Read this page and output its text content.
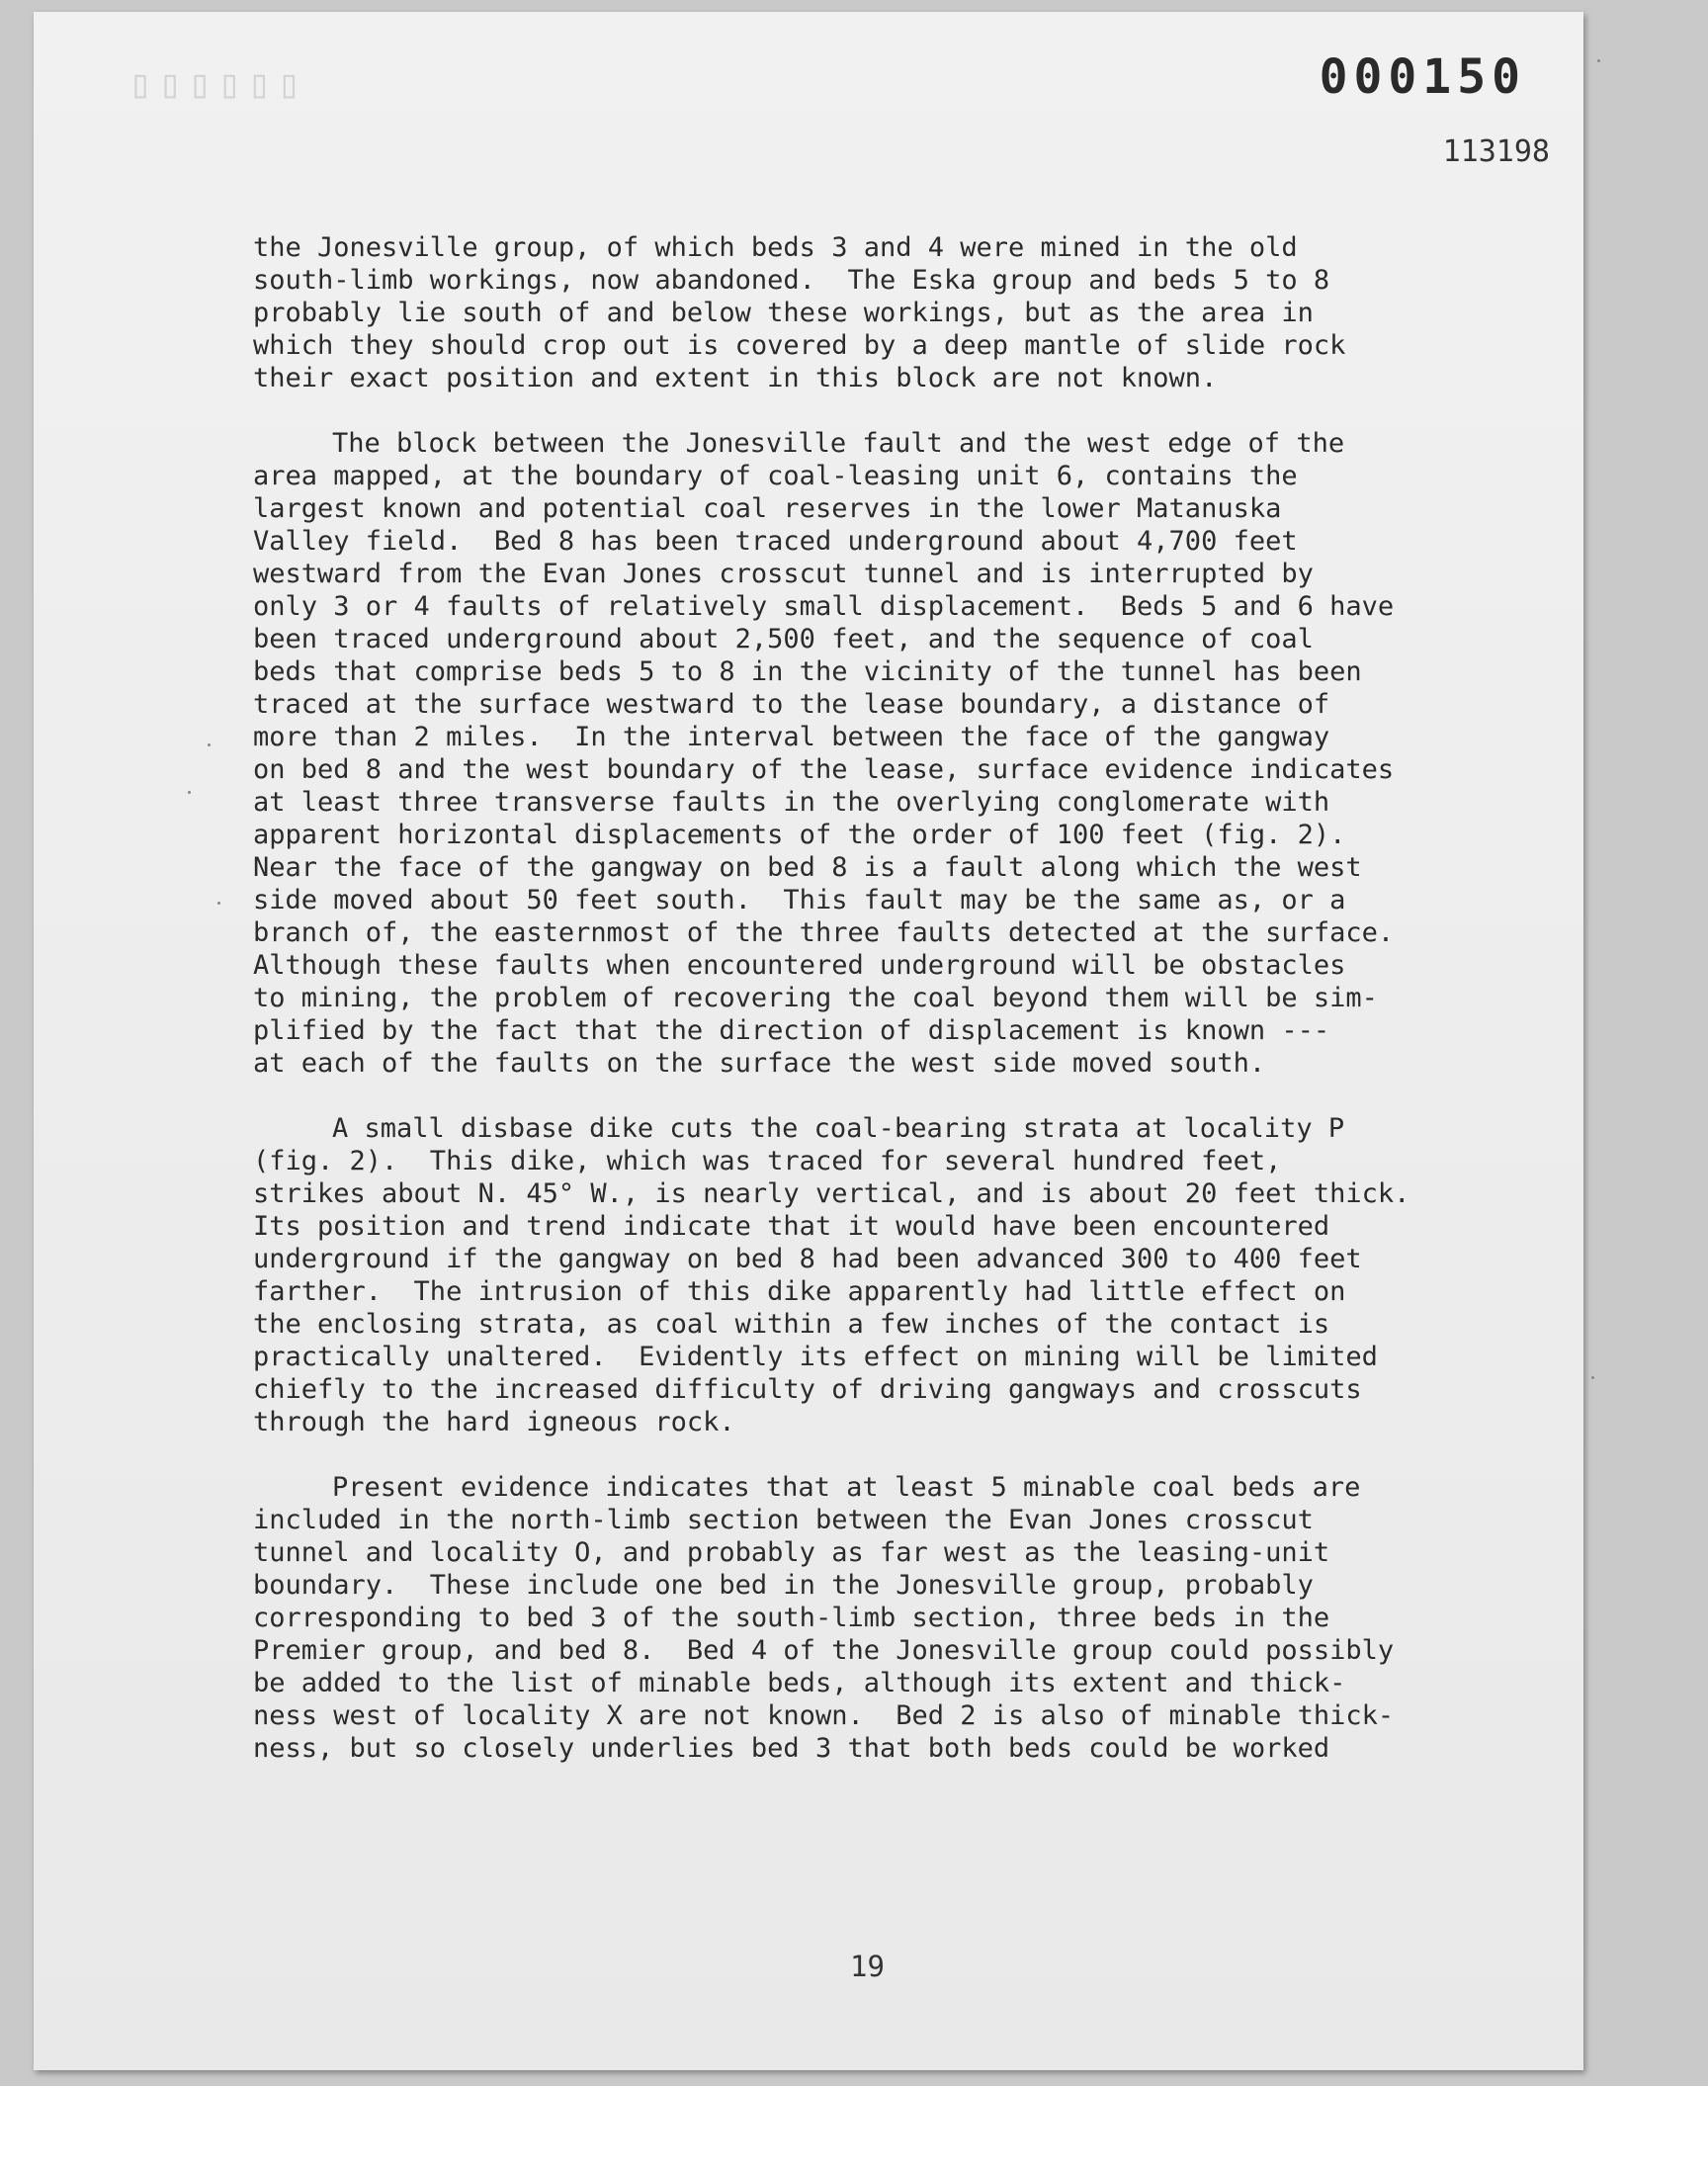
▯▯▯▯▯▯	000150
113198
the Jonesville group, of which beds 3 and 4 were mined in the old
south-limb workings, now abandoned.  The Eska group and beds 5 to 8
probably lie south of and below these workings, but as the area in
which they should crop out is covered by a deep mantle of slide rock
their exact position and extent in this block are not known.
The block between the Jonesville fault and the west edge of the
area mapped, at the boundary of coal-leasing unit 6, contains the
largest known and potential coal reserves in the lower Matanuska
Valley field.  Bed 8 has been traced underground about 4,700 feet
westward from the Evan Jones crosscut tunnel and is interrupted by
only 3 or 4 faults of relatively small displacement.  Beds 5 and 6 have
been traced underground about 2,500 feet, and the sequence of coal
beds that comprise beds 5 to 8 in the vicinity of the tunnel has been
traced at the surface westward to the lease boundary, a distance of
more than 2 miles.  In the interval between the face of the gangway
on bed 8 and the west boundary of the lease, surface evidence indicates
at least three transverse faults in the overlying conglomerate with
apparent horizontal displacements of the order of 100 feet (fig. 2).
Near the face of the gangway on bed 8 is a fault along which the west
side moved about 50 feet south.  This fault may be the same as, or a
branch of, the easternmost of the three faults detected at the surface.
Although these faults when encountered underground will be obstacles
to mining, the problem of recovering the coal beyond them will be sim-
plified by the fact that the direction of displacement is known ---
at each of the faults on the surface the west side moved south.
A small disbase dike cuts the coal-bearing strata at locality P
(fig. 2).  This dike, which was traced for several hundred feet,
strikes about N. 45° W., is nearly vertical, and is about 20 feet thick.
Its position and trend indicate that it would have been encountered
underground if the gangway on bed 8 had been advanced 300 to 400 feet
farther.  The intrusion of this dike apparently had little effect on
the enclosing strata, as coal within a few inches of the contact is
practically unaltered.  Evidently its effect on mining will be limited
chiefly to the increased difficulty of driving gangways and crosscuts
through the hard igneous rock.
Present evidence indicates that at least 5 minable coal beds are
included in the north-limb section between the Evan Jones crosscut
tunnel and locality O, and probably as far west as the leasing-unit
boundary.  These include one bed in the Jonesville group, probably
corresponding to bed 3 of the south-limb section, three beds in the
Premier group, and bed 8.  Bed 4 of the Jonesville group could possibly
be added to the list of minable beds, although its extent and thick-
ness west of locality X are not known.  Bed 2 is also of minable thick-
ness, but so closely underlies bed 3 that both beds could be worked
19
